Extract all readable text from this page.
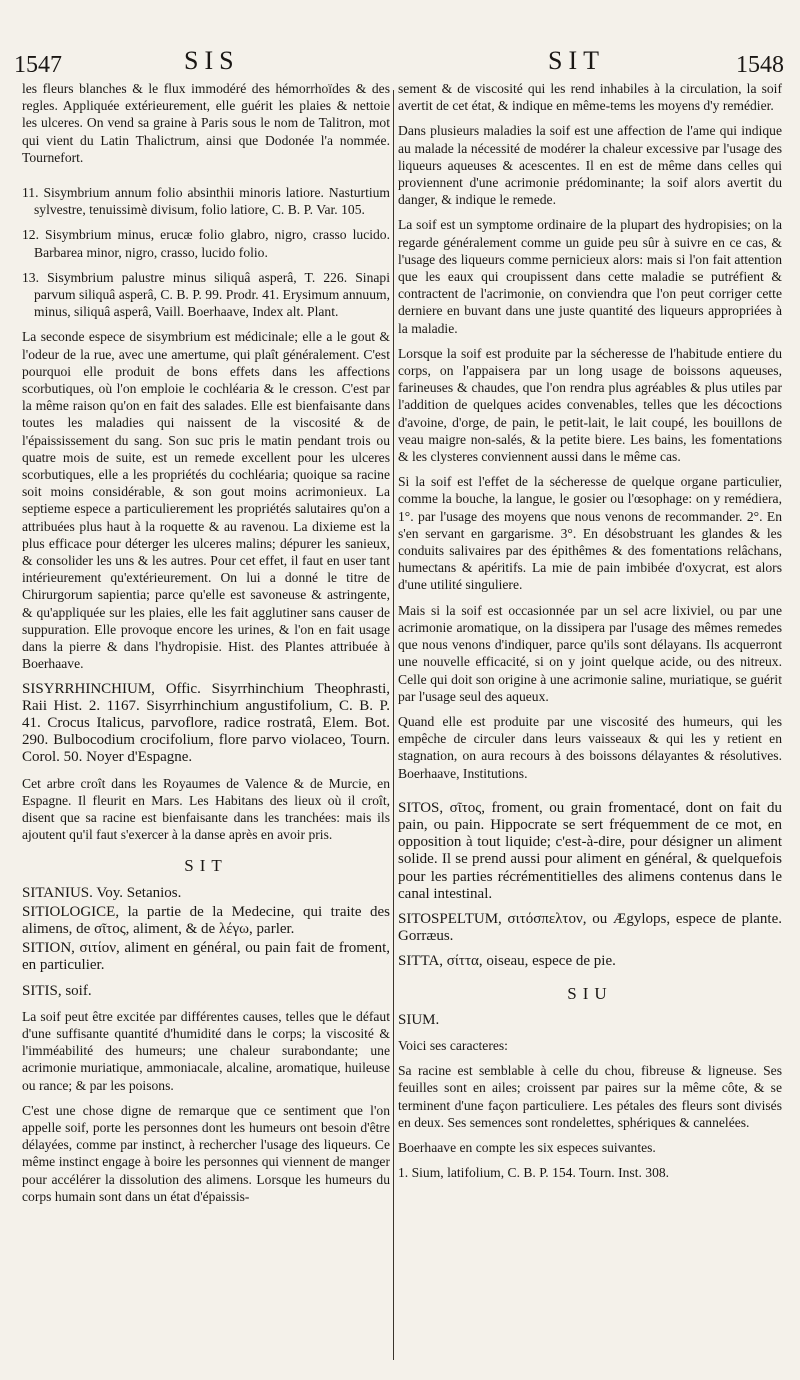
1547	SIS	SIT	1548

les fleurs blanches & le flux immodéré des hémorrhoïdes & des regles. Appliquée extérieurement, elle guérit les plaies & nettoie les ulceres. On vend sa graine à Paris sous le nom de Talitron, mot qui vient du Latin Thalictrum, ainsi que Dodonée l'a nommée. Tournefort.

11. Sisymbrium annum folio absinthii minoris latiore. Nasturtium sylvestre, tenuissimè divisum, folio latiore, C. B. P. Var. 105.

12. Sisymbrium minus, erucæ folio glabro, nigro, crasso lucido. Barbarea minor, nigro, crasso, lucido folio.

13. Sisymbrium palustre minus siliquâ asperâ, T. 226. Sinapi parvum siliquâ asperâ, C. B. P. 99. Prodr. 41. Erysimum annuum, minus, siliquâ asperâ, Vaill. Boerhaave, Index alt. Plant.

La seconde espece de sisymbrium est médicinale; elle a le gout & l'odeur de la rue, avec une amertume, qui plaît généralement. C'est pourquoi elle produit de bons effets dans les affections scorbutiques, où l'on emploie le cochléaria & le cresson. C'est par la même raison qu'on en fait des salades. Elle est bienfaisante dans toutes les maladies qui naissent de la viscosité & de l'épaississement du sang. Son suc pris le matin pendant trois ou quatre mois de suite, est un remede excellent pour les ulceres scorbutiques, elle a les propriétés du cochléaria; quoique sa racine soit moins considérable, & son gout moins acrimonieux. La septieme espece a particulierement les propriétés salutaires qu'on a attribuées plus haut à la roquette & au ravenou. La dixieme est la plus efficace pour déterger les ulceres malins; dépurer les sanieux, & consolider les uns & les autres. Pour cet effet, il faut en user tant intérieurement qu'extérieurement. On lui a donné le titre de Chirurgorum sapientia; parce qu'elle est savoneuse & astringente, & qu'appliquée sur les plaies, elle les fait agglutiner sans causer de suppuration. Elle provoque encore les urines, & l'on en fait usage dans la pierre & dans l'hydropisie. Hist. des Plantes attribuée à Boerhaave.

SISYRRHINCHIUM, Offic. Sisyrrhinchium Theophrasti, Raii Hist. 2. 1167. Sisyrrhinchium angustifolium, C. B. P. 41. Crocus Italicus, parvoflore, radice rostratâ, Elem. Bot. 290. Bulbocodium crocifolium, flore parvo violaceo, Tourn. Corol. 50. Noyer d'Espagne.

Cet arbre croît dans les Royaumes de Valence & de Murcie, en Espagne. Il fleurit en Mars. Les Habitans des lieux où il croît, disent que sa racine est bienfaisante dans les tranchées: mais ils ajoutent qu'il faut s'exercer à la danse après en avoir pris.

SIT

SITANIUS. Voy. Setanios.

SITIOLOGICE, la partie de la Medecine, qui traite des alimens, de σῖτος, aliment, & de λέγω, parler.

SITION, σιτίον, aliment en général, ou pain fait de froment, en particulier.

SITIS, soif.

La soif peut être excitée par différentes causes, telles que le défaut d'une suffisante quantité d'humidité dans le corps; la viscosité & l'imméabilité des humeurs; une chaleur surabondante; une acrimonie muriatique, ammoniacale, alcaline, aromatique, huileuse ou rance; & par les poisons.

C'est une chose digne de remarque que ce sentiment que l'on appelle soif, porte les personnes dont les humeurs ont besoin d'être délayées, comme par instinct, à rechercher l'usage des liqueurs. Ce même instinct engage à boire les personnes qui viennent de manger pour accélérer la dissolution des alimens. Lorsque les humeurs du corps humain sont dans un état d'épaissis-

sement & de viscosité qui les rend inhabiles à la circulation, la soif avertit de cet état, & indique en même-tems les moyens d'y remédier.

Dans plusieurs maladies la soif est une affection de l'ame qui indique au malade la nécessité de modérer la chaleur excessive par l'usage des liqueurs aqueuses & acescentes. Il en est de même dans celles qui proviennent d'une acrimonie prédominante; la soif alors avertit du danger, & indique le remede.

La soif est un symptome ordinaire de la plupart des hydropisies; on la regarde généralement comme un guide peu sûr à suivre en ce cas, & l'usage des liqueurs comme pernicieux alors: mais si l'on fait attention que les eaux qui croupissent dans cette maladie se putréfient & contractent de l'acrimonie, on conviendra que l'on peut corriger cette derniere en buvant dans une juste quantité des liqueurs appropriées à la maladie.

Lorsque la soif est produite par la sécheresse de l'habitude entiere du corps, on l'appaisera par un long usage de boissons aqueuses, farineuses & chaudes, que l'on rendra plus agréables & plus utiles par l'addition de quelques acides convenables, telles que les décoctions d'avoine, d'orge, de pain, le petit-lait, le lait coupé, les bouillons de veau maigre non-salés, & la petite biere. Les bains, les fomentations & les clysteres conviennent aussi dans le même cas.

Si la soif est l'effet de la sécheresse de quelque organe particulier, comme la bouche, la langue, le gosier ou l'œsophage: on y remédiera, 1°. par l'usage des moyens que nous venons de recommander. 2°. En s'en servant en gargarisme. 3°. En désobstruant les glandes & les conduits salivaires par des épithêmes & des fomentations relâchans, humectans & apéritifs. La mie de pain imbibée d'oxycrat, est alors d'une utilité singuliere.

Mais si la soif est occasionnée par un sel acre lixiviel, ou par une acrimonie aromatique, on la dissipera par l'usage des mêmes remedes que nous venons d'indiquer, parce qu'ils sont délayans. Ils acquerront une nouvelle efficacité, si on y joint quelque acide, ou des nitreux. Celle qui doit son origine à une acrimonie saline, muriatique, se guérit par l'usage seul des aqueux.

Quand elle est produite par une viscosité des humeurs, qui les empêche de circuler dans leurs vaisseaux & qui les y retient en stagnation, on aura recours à des boissons délayantes & résolutives. Boerhaave, Institutions.

SITOS, σῖτος, froment, ou grain fromentacé, dont on fait du pain, ou pain. Hippocrate se sert fréquemment de ce mot, en opposition à tout liquide; c'est-à-dire, pour désigner un aliment solide. Il se prend aussi pour aliment en général, & quelquefois pour les parties récrémentitielles des alimens contenus dans le canal intestinal.

SITOSPELTUM, σιτόσπελτον, ou Ægylops, espece de plante. Gorræus.

SITTA, σίττα, oiseau, espece de pie.

SIU

SIUM.

Voici ses caracteres:

Sa racine est semblable à celle du chou, fibreuse & ligneuse. Ses feuilles sont en ailes; croissent par paires sur la même côte, & se terminent d'une façon particuliere. Les pétales des fleurs sont divisés en deux. Ses semences sont rondelettes, sphériques & cannelées.

Boerhaave en compte les six especes suivantes.

1. Sium, latifolium, C. B. P. 154. Tourn. Inst. 308.
